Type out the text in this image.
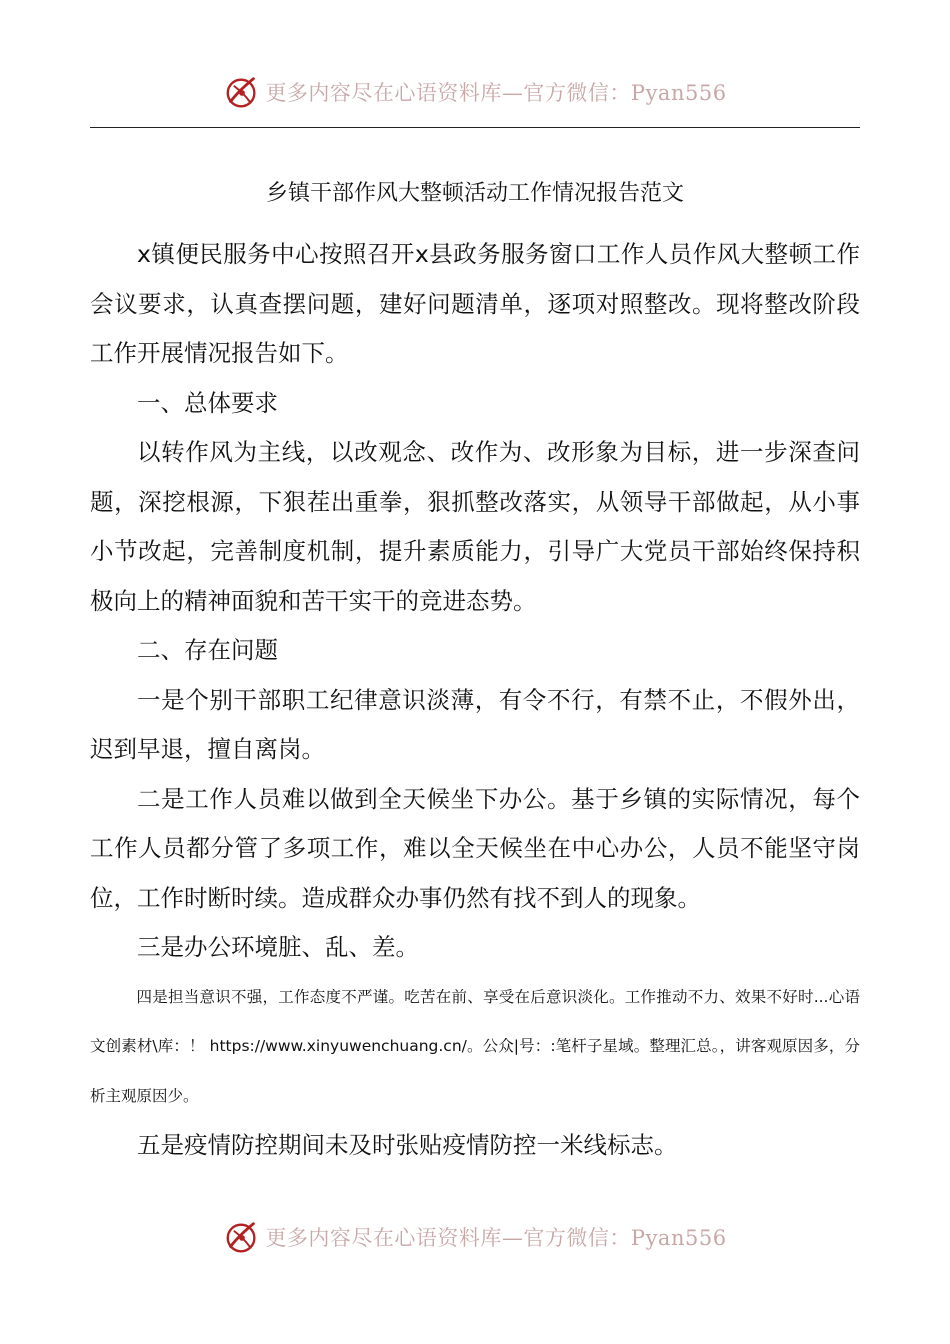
更多内容尽在心语资料库—官方微信：Pyan556
乡镇干部作风大整顿活动工作情况报告范文

x镇便民服务中心按照召开x县政务服务窗口工作人员作风大整顿工作会议要求，认真查摆问题，建好问题清单，逐项对照整改。现将整改阶段工作开展情况报告如下。

一、总体要求

以转作风为主线，以改观念、改作为、改形象为目标，进一步深查问题，深挖根源，下狠茬出重拳，狠抓整改落实，从领导干部做起，从小事小节改起，完善制度机制，提升素质能力，引导广大党员干部始终保持积极向上的精神面貌和苦干实干的竞进态势。

二、存在问题

一是个别干部职工纪律意识淡薄，有令不行，有禁不止，不假外出，迟到早退，擅自离岗。

二是工作人员难以做到全天候坐下办公。基于乡镇的实际情况，每个工作人员都分管了多项工作，难以全天候坐在中心办公，人员不能坚守岗位，工作时断时续。造成群众办事仍然有找不到人的现象。

三是办公环境脏、乱、差。

四是担当意识不强，工作态度不严谨。吃苦在前、享受在后意识淡化。工作推动不力、效果不好时...心语文创素材\库：！ https://www.xinyuwenchuang.cn/。公众|号：:笔杆子星域。整理汇总。，讲客观原因多，分析主观原因少。

五是疫情防控期间未及时张贴疫情防控一米线标志。

更多内容尽在心语资料库—官方微信：Pyan556
